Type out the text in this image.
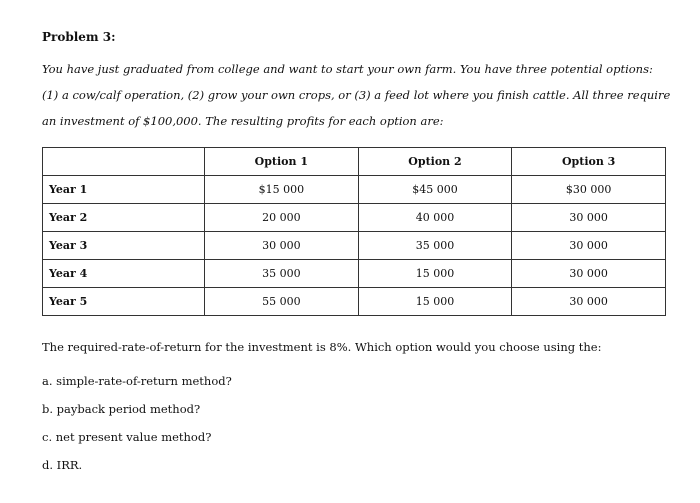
Problem 3:
You have just graduated from college and want to start your own farm. You have three potential options: (1) a cow/calf operation, (2) grow your own crops, or (3) a feed lot where you finish cattle. All three require an investment of $100,000. The resulting profits for each option are:
	Option 1	Option 2	Option 3
Year 1	$15 000	$45 000	$30 000
Year 2	20 000	40 000	30 000
Year 3	30 000	35 000	30 000
Year 4	35 000	15 000	30 000
Year 5	55 000	15 000	30 000
The required-rate-of-return for the investment is 8%. Which option would you choose using the:
a. simple-rate-of-return method?
b. payback period method?
c. net present value method?
d. IRR.
